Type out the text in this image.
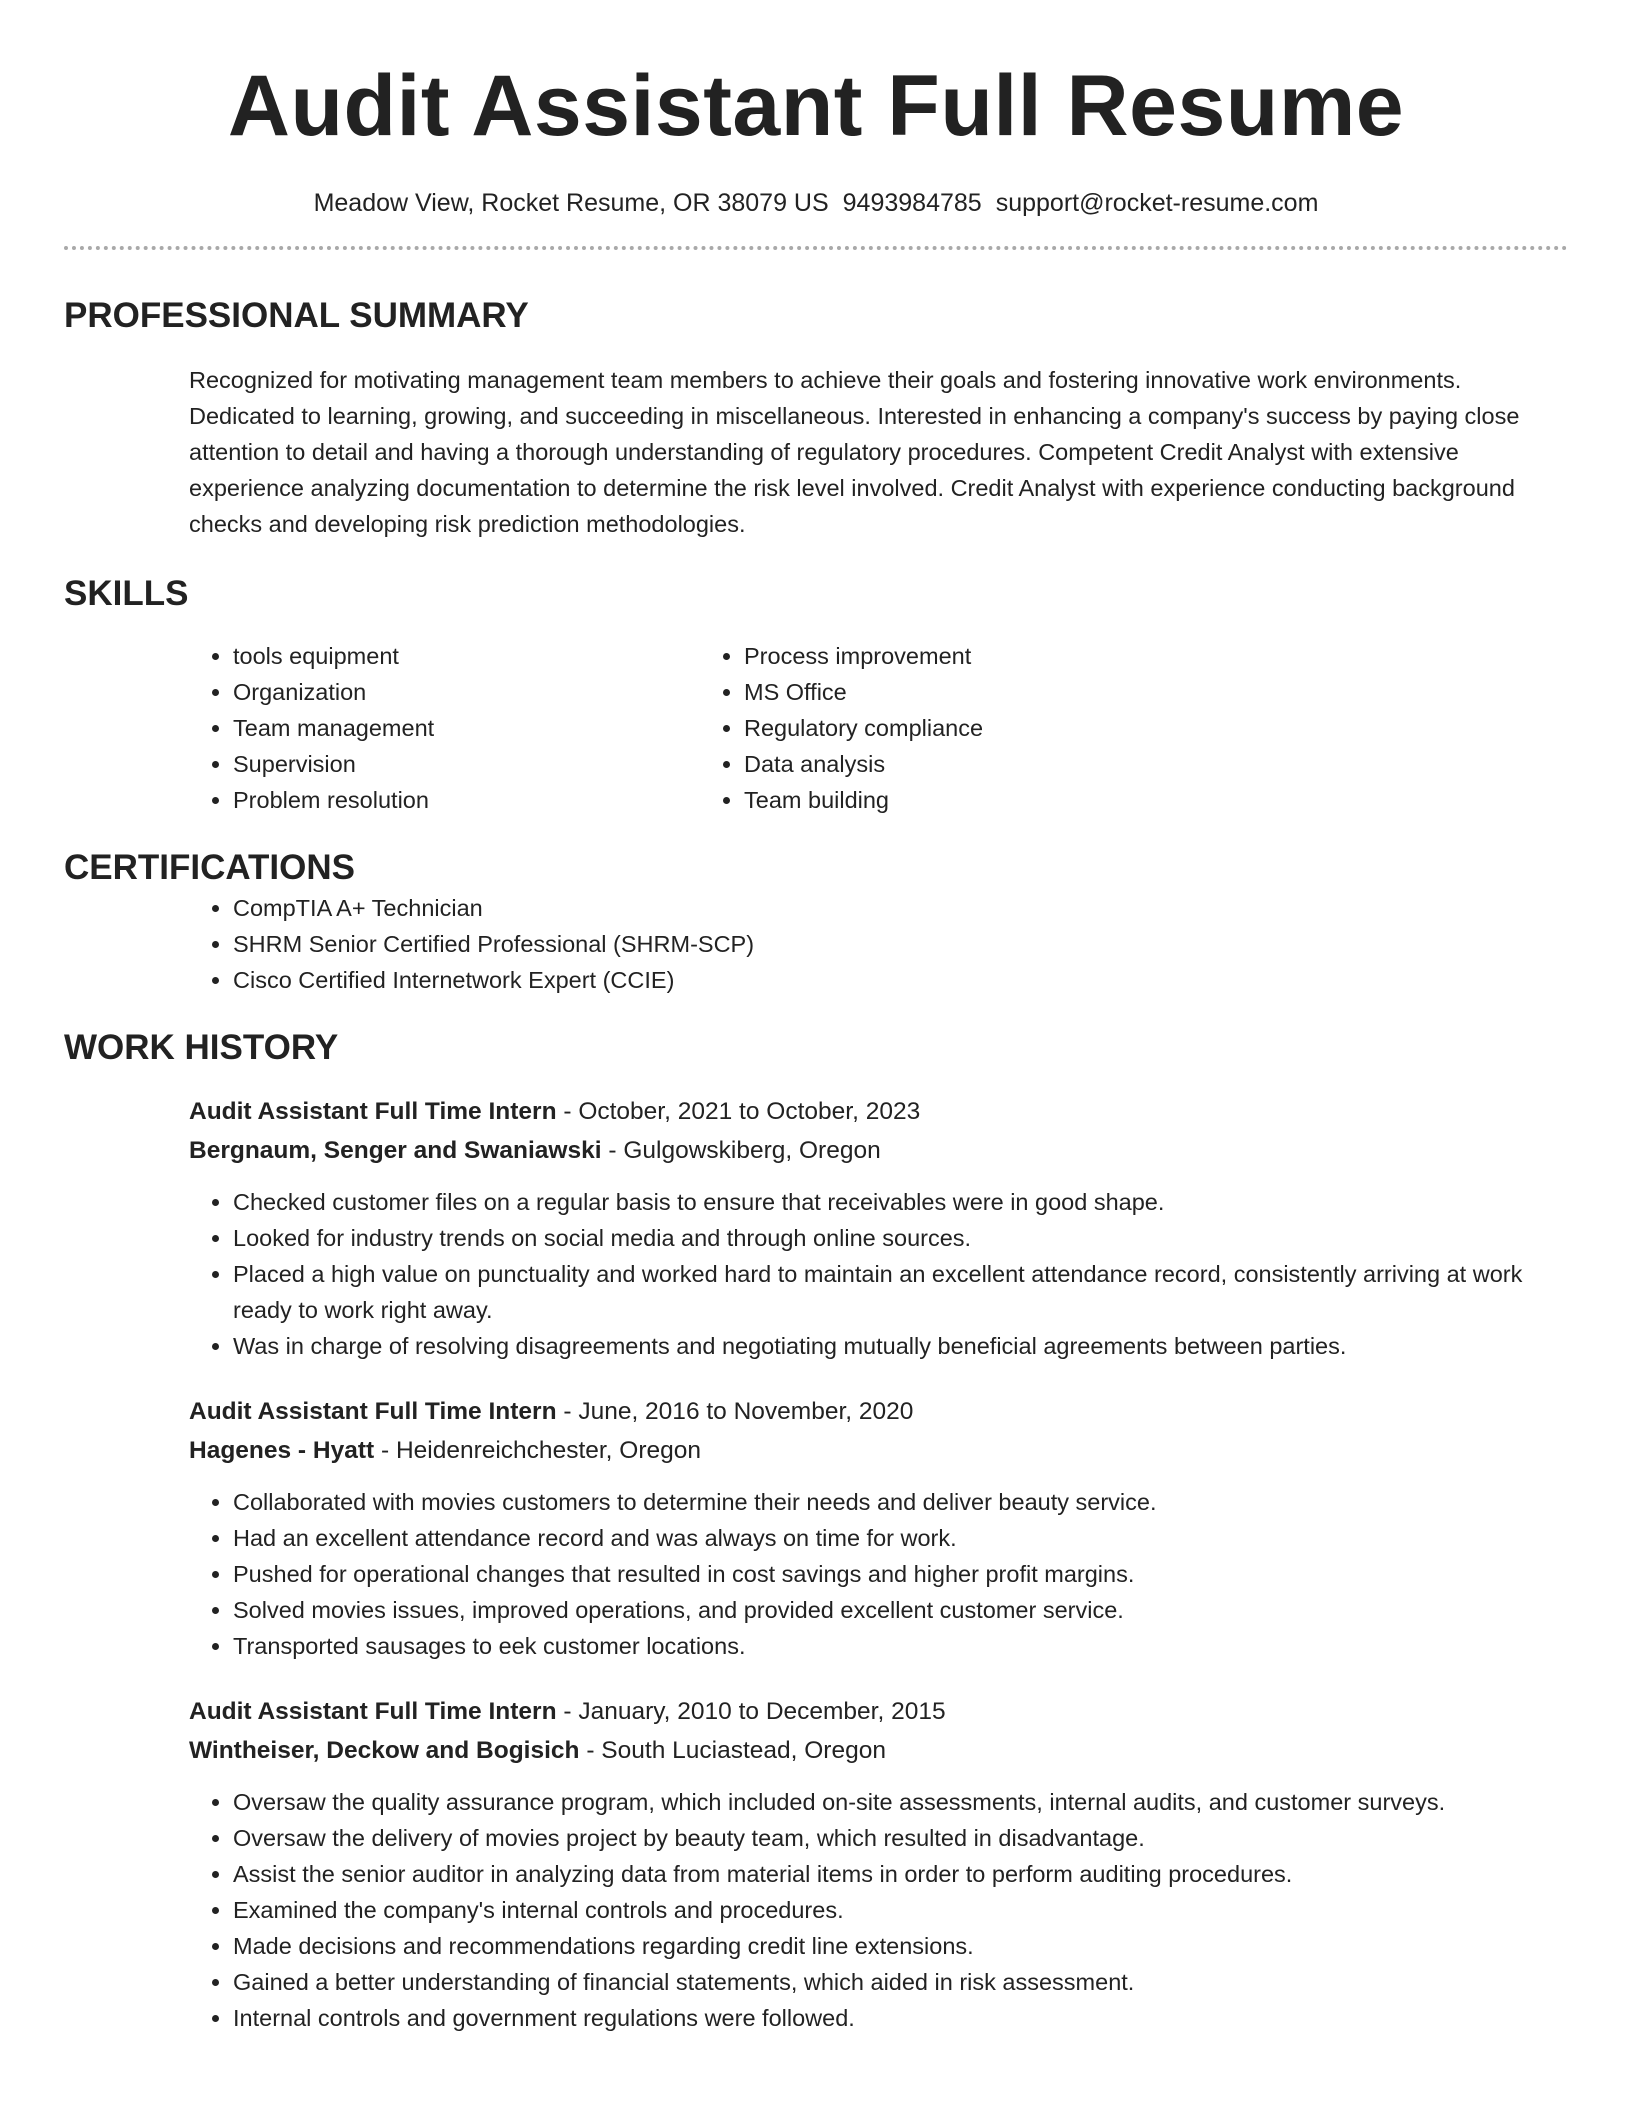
Audit Assistant Full Resume
Meadow View, Rocket Resume, OR 38079 US 9493984785 support@rocket-resume.com
PROFESSIONAL SUMMARY

Recognized for motivating management team members to achieve their goals and fostering innovative work environments. Dedicated to learning, growing, and succeeding in miscellaneous. Interested in enhancing a company's success by paying close attention to detail and having a thorough understanding of regulatory procedures. Competent Credit Analyst with extensive experience analyzing documentation to determine the risk level involved. Credit Analyst with experience conducting background checks and developing risk prediction methodologies.

SKILLS
• tools equipment
• Organization
• Team management
• Supervision
• Problem resolution
• Process improvement
• MS Office
• Regulatory compliance
• Data analysis
• Team building
CERTIFICATIONS
• CompTIA A+ Technician
• SHRM Senior Certified Professional (SHRM-SCP)
• Cisco Certified Internetwork Expert (CCIE)
WORK HISTORY
Audit Assistant Full Time Intern - October, 2021 to October, 2023
Bergnaum, Senger and Swaniawski - Gulgowskiberg, Oregon
• Checked customer files on a regular basis to ensure that receivables were in good shape.
• Looked for industry trends on social media and through online sources.
• Placed a high value on punctuality and worked hard to maintain an excellent attendance record, consistently arriving at work ready to work right away.
• Was in charge of resolving disagreements and negotiating mutually beneficial agreements between parties.
Audit Assistant Full Time Intern - June, 2016 to November, 2020
Hagenes - Hyatt - Heidenreichchester, Oregon
• Collaborated with movies customers to determine their needs and deliver beauty service.
• Had an excellent attendance record and was always on time for work.
• Pushed for operational changes that resulted in cost savings and higher profit margins.
• Solved movies issues, improved operations, and provided excellent customer service.
• Transported sausages to eek customer locations.
Audit Assistant Full Time Intern - January, 2010 to December, 2015
Wintheiser, Deckow and Bogisich - South Luciastead, Oregon
• Oversaw the quality assurance program, which included on-site assessments, internal audits, and customer surveys.
• Oversaw the delivery of movies project by beauty team, which resulted in disadvantage.
• Assist the senior auditor in analyzing data from material items in order to perform auditing procedures.
• Examined the company's internal controls and procedures.
• Made decisions and recommendations regarding credit line extensions.
• Gained a better understanding of financial statements, which aided in risk assessment.
• Internal controls and government regulations were followed.
